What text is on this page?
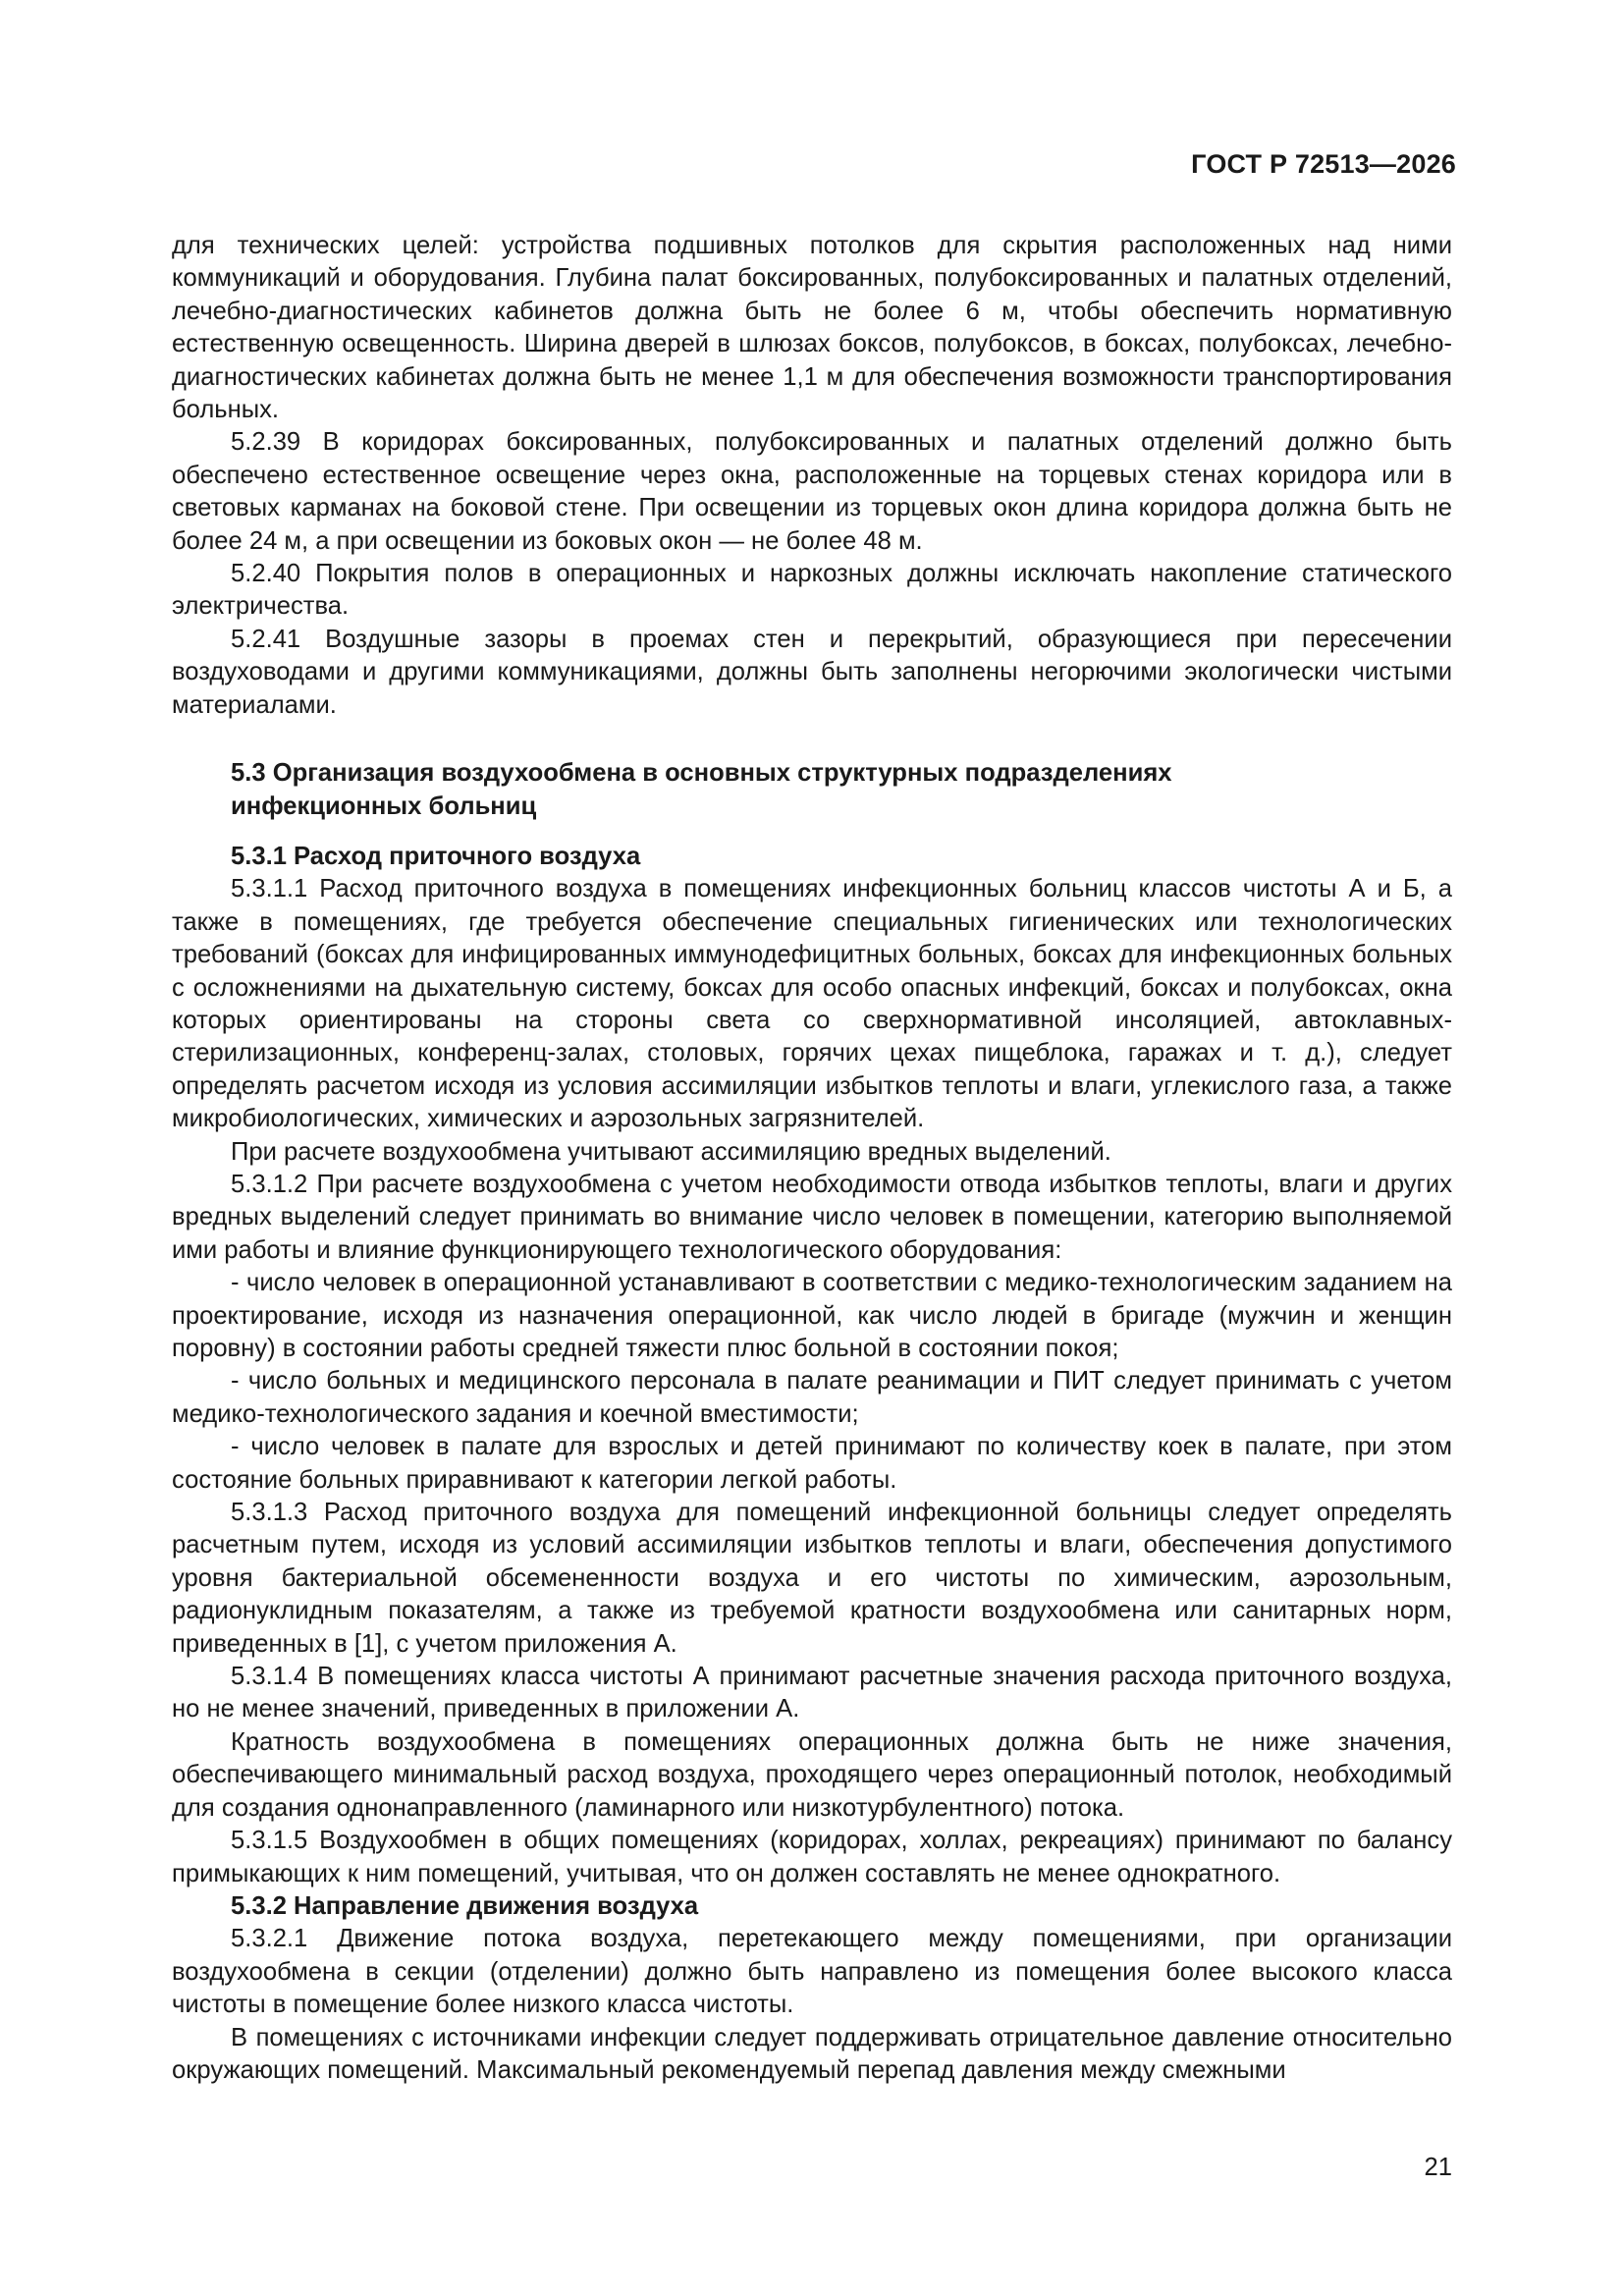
ГОСТ Р 72513—2026

для технических целей: устройства подшивных потолков для скрытия расположенных над ними коммуникаций и оборудования. Глубина палат боксированных, полубоксированных и палатных отделений, лечебно-диагностических кабинетов должна быть не более 6 м, чтобы обеспечить нормативную естественную освещенность. Ширина дверей в шлюзах боксов, полубоксов, в боксах, полубоксах, лечебно-диагностических кабинетах должна быть не менее 1,1 м для обеспечения возможности транспортирования больных.

5.2.39 В коридорах боксированных, полубоксированных и палатных отделений должно быть обеспечено естественное освещение через окна, расположенные на торцевых стенах коридора или в световых карманах на боковой стене. При освещении из торцевых окон длина коридора должна быть не более 24 м, а при освещении из боковых окон — не более 48 м.

5.2.40 Покрытия полов в операционных и наркозных должны исключать накопление статического электричества.

5.2.41 Воздушные зазоры в проемах стен и перекрытий, образующиеся при пересечении воздуховодами и другими коммуникациями, должны быть заполнены негорючими экологически чистыми материалами.

5.3 Организация воздухообмена в основных структурных подразделениях
инфекционных больниц
5.3.1 Расход приточного воздуха

5.3.1.1 Расход приточного воздуха в помещениях инфекционных больниц классов чистоты А и Б, а также в помещениях, где требуется обеспечение специальных гигиенических или технологических требований (боксах для инфицированных иммунодефицитных больных, боксах для инфекционных больных с осложнениями на дыхательную систему, боксах для особо опасных инфекций, боксах и полубоксах, окна которых ориентированы на стороны света со сверхнормативной инсоляцией, автоклавных-стерилизационных, конференц-залах, столовых, горячих цехах пищеблока, гаражах и т. д.), следует определять расчетом исходя из условия ассимиляции избытков теплоты и влаги, углекислого газа, а также микробиологических, химических и аэрозольных загрязнителей.

При расчете воздухообмена учитывают ассимиляцию вредных выделений.

5.3.1.2 При расчете воздухообмена с учетом необходимости отвода избытков теплоты, влаги и других вредных выделений следует принимать во внимание число человек в помещении, категорию выполняемой ими работы и влияние функционирующего технологического оборудования:

- число человек в операционной устанавливают в соответствии с медико-технологическим заданием на проектирование, исходя из назначения операционной, как число людей в бригаде (мужчин и женщин поровну) в состоянии работы средней тяжести плюс больной в состоянии покоя;

- число больных и медицинского персонала в палате реанимации и ПИТ следует принимать с учетом медико-технологического задания и коечной вместимости;

- число человек в палате для взрослых и детей принимают по количеству коек в палате, при этом состояние больных приравнивают к категории легкой работы.

5.3.1.3 Расход приточного воздуха для помещений инфекционной больницы следует определять расчетным путем, исходя из условий ассимиляции избытков теплоты и влаги, обеспечения допустимого уровня бактериальной обсемененности воздуха и его чистоты по химическим, аэрозольным, радионуклидным показателям, а также из требуемой кратности воздухообмена или санитарных норм, приведенных в [1], с учетом приложения А.

5.3.1.4 В помещениях класса чистоты А принимают расчетные значения расхода приточного воздуха, но не менее значений, приведенных в приложении А.

Кратность воздухообмена в помещениях операционных должна быть не ниже значения, обеспечивающего минимальный расход воздуха, проходящего через операционный потолок, необходимый для создания однонаправленного (ламинарного или низкотурбулентного) потока.

5.3.1.5 Воздухообмен в общих помещениях (коридорах, холлах, рекреациях) принимают по балансу примыкающих к ним помещений, учитывая, что он должен составлять не менее однократного.

5.3.2 Направление движения воздуха

5.3.2.1 Движение потока воздуха, перетекающего между помещениями, при организации воздухообмена в секции (отделении) должно быть направлено из помещения более высокого класса чистоты в помещение более низкого класса чистоты.

В помещениях с источниками инфекции следует поддерживать отрицательное давление относительно окружающих помещений. Максимальный рекомендуемый перепад давления между смежными

21
